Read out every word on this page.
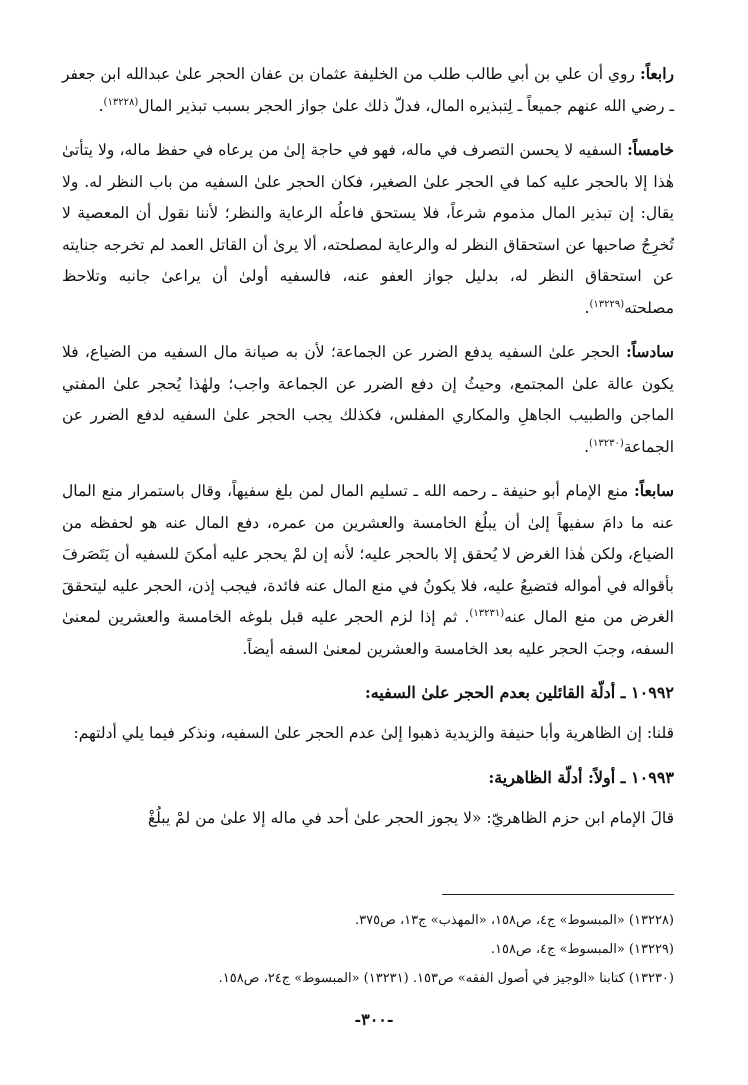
رابعاً: روي أن علي بن أبي طالب طلب من الخليفة عثمان بن عفان الحجر علىٰ عبدالله ابن جعفر ـ رضي الله عنهم جميعاً ـ لِتبذيره المال، فدلّ ذلك علىٰ جواز الحجر بسبب تبذير المال$^{(١٣٢٢٨)}$.

خامساً: السفيه لا يحسن التصرف في ماله، فهو في حاجة إلىٰ من يرعاه في حفظ ماله، ولا يتأتىٰ هٰذا إلا بالحجر عليه كما في الحجر علىٰ الصغير، فكان الحجر علىٰ السفيه من باب النظر له. ولا يقال: إن تبذير المال مذموم شرعاً، فلا يستحق فاعلُه الرعاية والنظر؛ لأننا نقول أن المعصية لا تُخرِجُ صاحبها عن استحقاق النظر له والرعاية لمصلحته، ألا يرىٰ أن القاتل العمد لم تخرجه جنايته عن استحقاق النظر له، بدليل جواز العفو عنه، فالسفيه أولىٰ أن يراعىٰ جانبه وتلاحظ مصلحته$^{(١٣٢٢٩)}$.

سادساً: الحجر علىٰ السفيه يدفع الضرر عن الجماعة؛ لأن به صيانة مال السفيه من الضياع، فلا يكون عالة علىٰ المجتمع، وحيثُ إن دفع الضرر عن الجماعة واجب؛ ولهٰذا يُحجر علىٰ المفتي الماجن والطبيب الجاهلِ والمكاري المفلس، فكذلك يجب الحجر علىٰ السفيه لدفع الضرر عن الجماعة$^{(١٣٢٣٠)}$.

سابعاً: منع الإمام أبو حنيفة ـ رحمه الله ـ تسليم المال لمن بلغ سفيهاً، وقال باستمرار منع المال عنه ما دامَ سفيهاً إلىٰ أن يبلُغ الخامسة والعشرين من عمره، دفع المال عنه هو لحفظه من الضياع، ولكن هٰذا الغرض لا يُحقق إلا بالحجر عليه؛ لأنه إن لمْ يحجر عليه أمكنَ للسفيه أن يَتَصَرفَ بأقواله في أمواله فتضيعُ عليه، فلا يكونُ في منع المال عنه فائدة، فيجب إذن، الحجر عليه ليتحققَ الغرض من منع المال عنه$^{(١٣٢٣١)}$. ثم إذا لزم الحجر عليه قبل بلوغه الخامسة والعشرين لمعنىٰ السفه، وجبَ الحجر عليه بعد الخامسة والعشرين لمعنىٰ السفه أيضاً.

١٠٩٩٢ ـ أدلّة القائلين بعدم الحجر علىٰ السفيه:

قلنا: إن الظاهرية وأبا حنيفة والزيدية ذهبوا إلىٰ عدم الحجر علىٰ السفيه، ونذكر فيما يلي أدلتهم:

١٠٩٩٣ ـ أولاً: أدلّة الظاهرية:

قالَ الإمام ابن حزم الظاهريّ: «لا يجوز الحجر علىٰ أحد في ماله إلا علىٰ من لمْ يبلُغْ

(١٣٢٢٨) «المبسوط» ج٤، ص١٥٨، «المهذب» ج١٣، ص٣٧٥.

(١٣٢٢٩) «المبسوط» ج٤، ص١٥٨.

(١٣٢٣٠) كتابنا «الوجيز في أصول الفقه» ص١٥٣. (١٣٢٣١) «المبسوط» ج٢٤، ص١٥٨.

-٣٠٠-
